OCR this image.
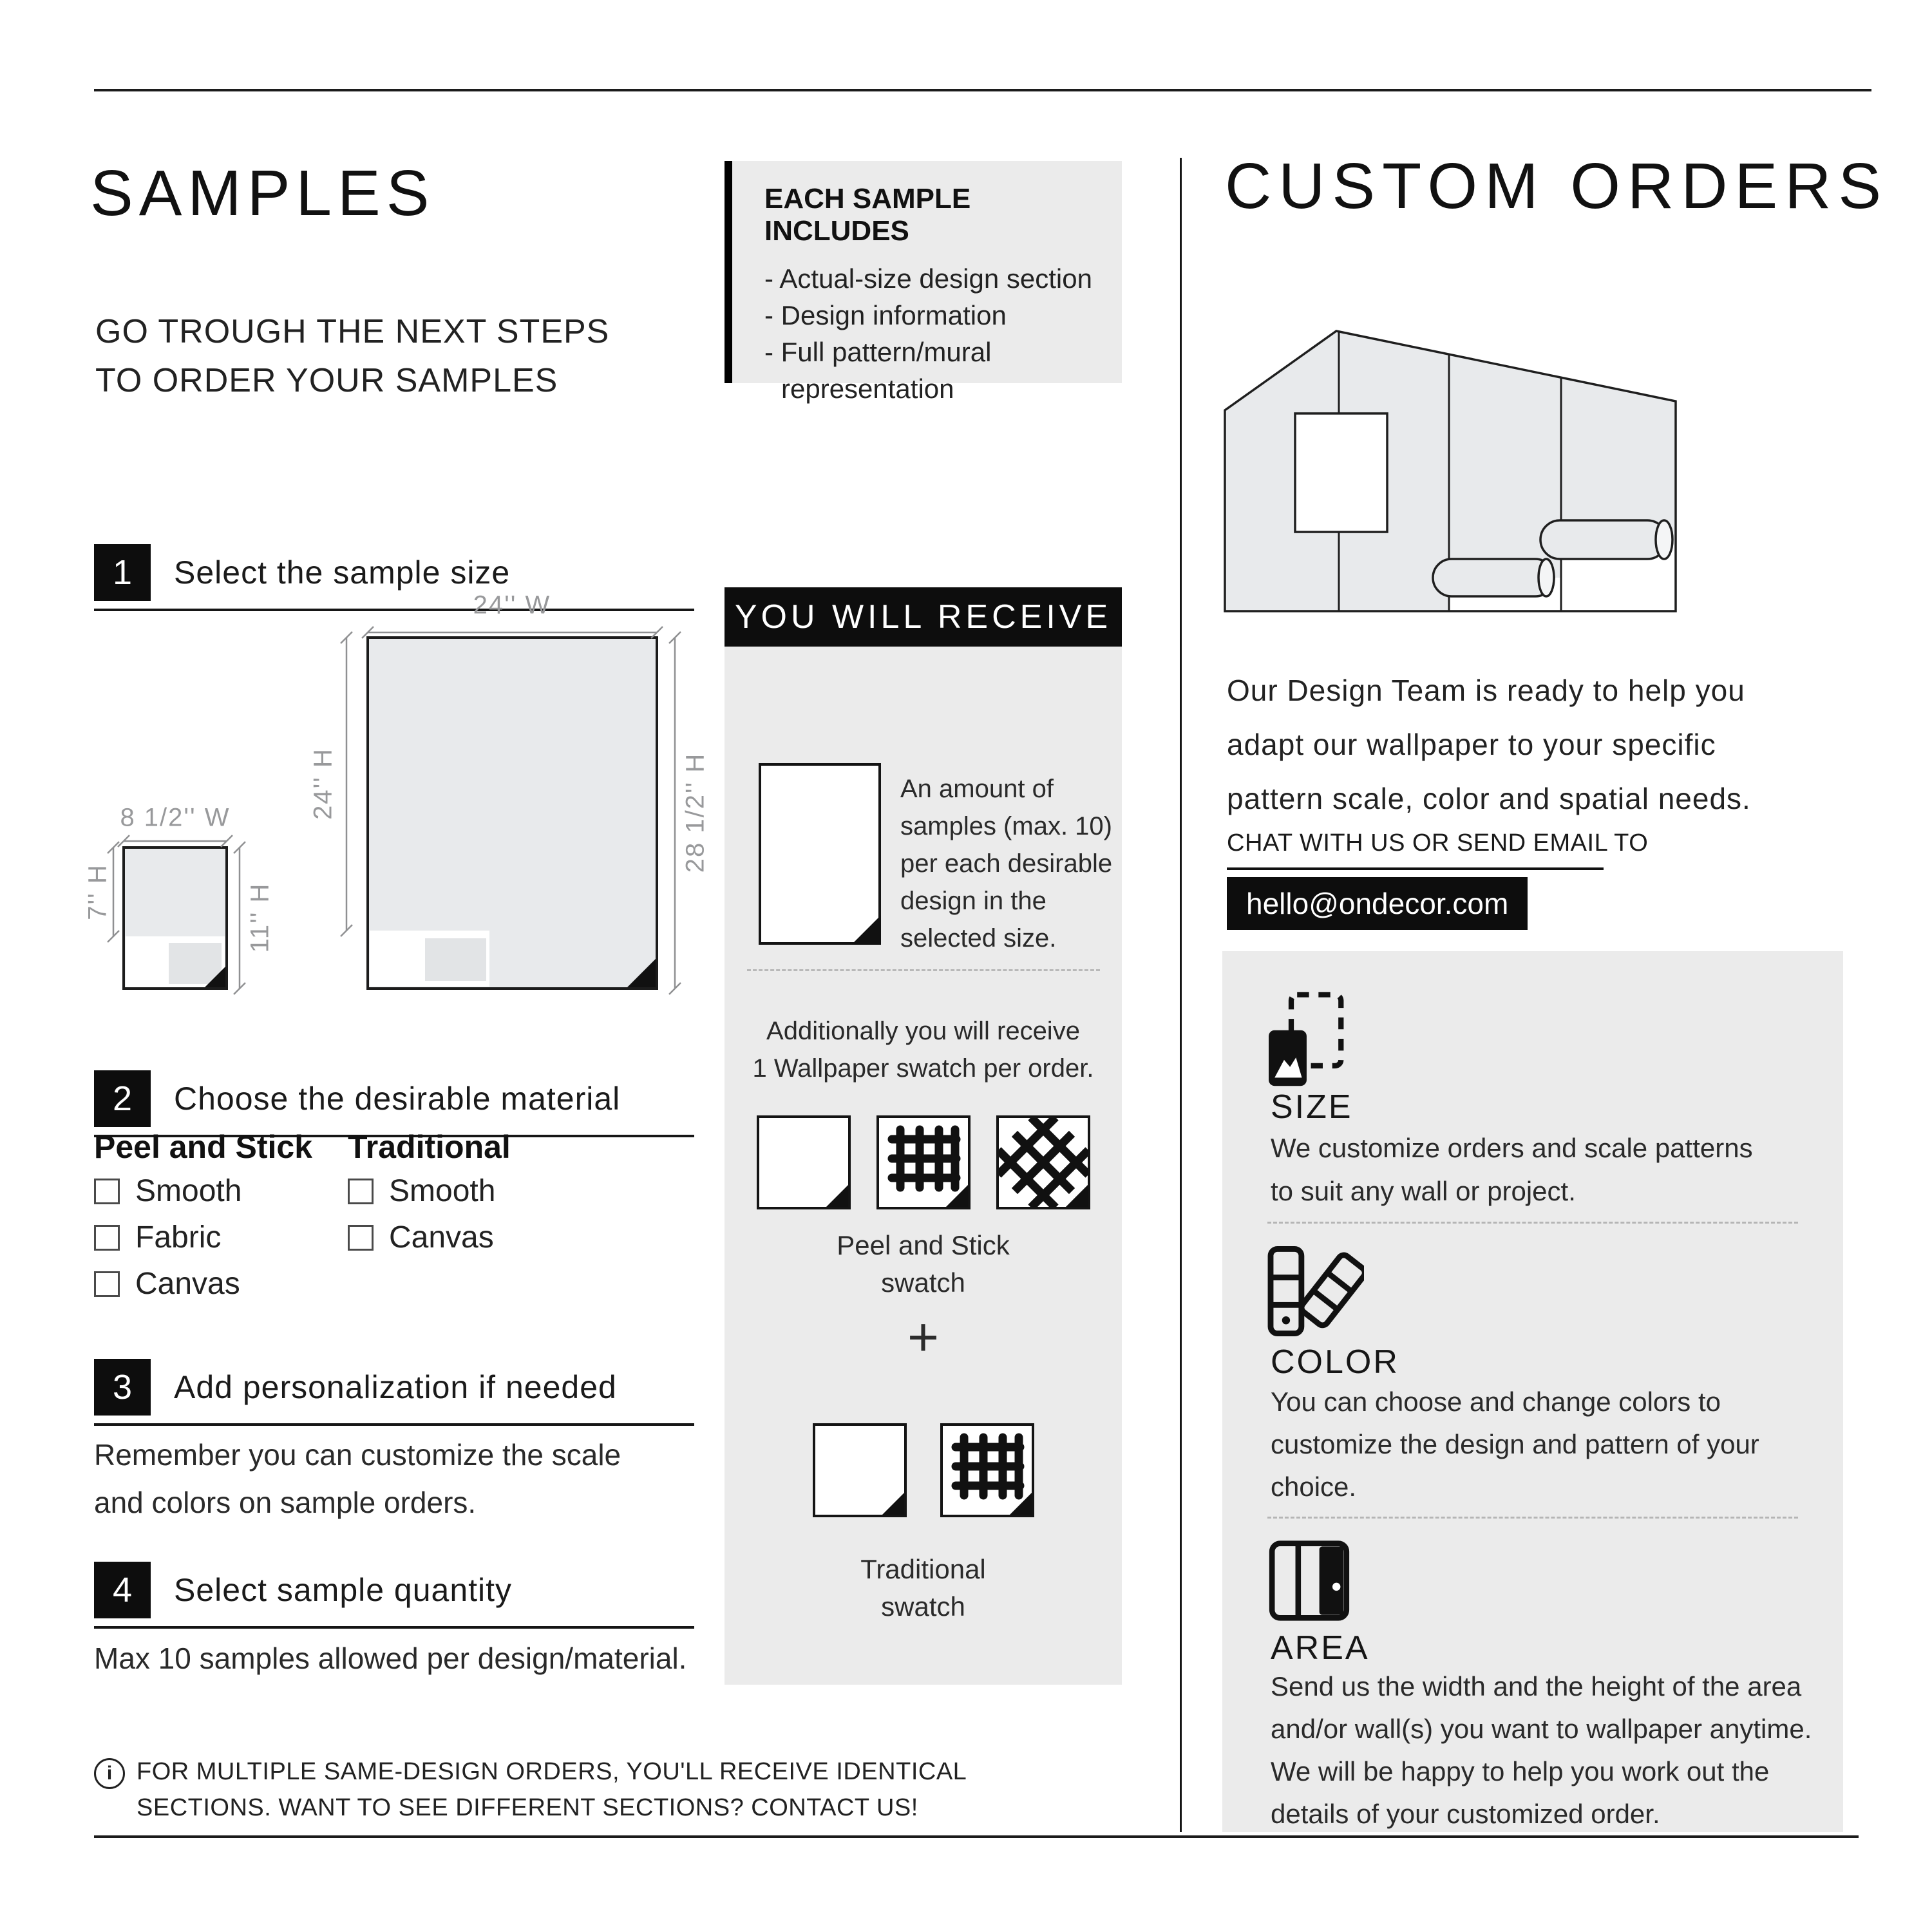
SAMPLES
GO TROUGH THE NEXT STEPS
TO ORDER YOUR SAMPLES
1	Select the sample size
24'' W
8 1/2'' W
7'' H	11'' H
24'' H	28 1/2'' H
2	Choose the desirable material
Peel and Stick Traditional
Smooth
Fabric
Canvas
Smooth
Canvas
3	Add personalization if needed
Remember you can customize the scale
and colors on sample orders.
4	Select sample quantity
Max 10 samples allowed per design/material.
i FOR MULTIPLE SAME-DESIGN ORDERS, YOU'LL RECEIVE IDENTICAL
SECTIONS. WANT TO SEE DIFFERENT SECTIONS? CONTACT US!
EACH SAMPLE INCLUDES
- Actual-size design section
- Design information
- Full pattern/mural
representation
YOU WILL RECEIVE
An amount of
samples (max. 10)
per each desirable
design in the
selected size.
Additionally you will receive
1 Wallpaper swatch per order.
Peel and Stick
swatch
+
Traditional
swatch
CUSTOM ORDERS
Our Design Team is ready to help you
adapt our wallpaper to your specific
pattern scale, color and spatial needs.
CHAT WITH US OR SEND EMAIL TO
hello@ondecor.com
SIZE
We customize orders and scale patterns
to suit any wall or project.
COLOR
You can choose and change colors to
customize the design and pattern of your
choice.
AREA
Send us the width and the height of the area
and/or wall(s) you want to wallpaper anytime.
We will be happy to help you work out the
details of your customized order.
